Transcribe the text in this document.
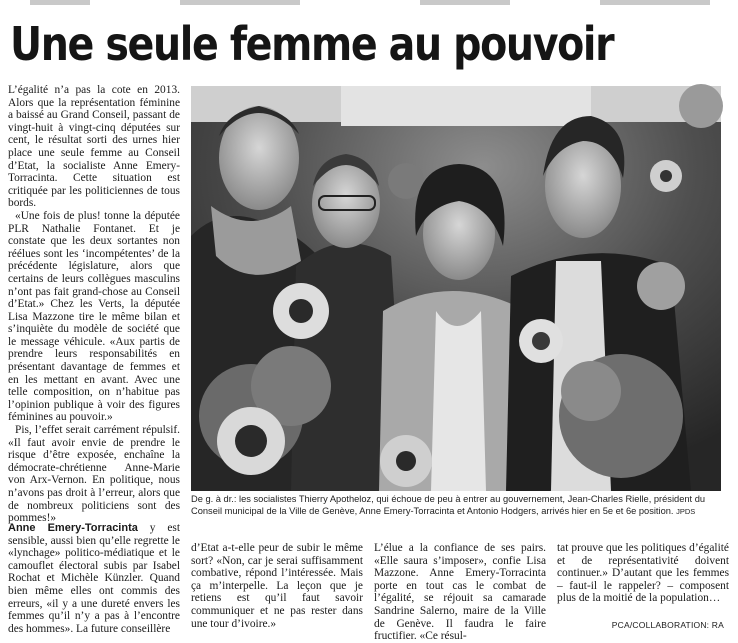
Une seule femme au pouvoir

L’égalité n’a pas la cote en 2013. Alors que la représentation féminine a baissé au Grand Conseil, passant de vingt-huit à vingt-cinq députées sur cent, le résultat sorti des urnes hier place une seule femme au Conseil d’Etat, la socialiste Anne Emery-Torracinta. Cette situation est critiquée par les politiciennes de tous bords.

«Une fois de plus! tonne la députée PLR Nathalie Fontanet. Et je constate que les deux sortantes non réélues sont les ‘incompétentes’ de la précédente législature, alors que certains de leurs collègues masculins n’ont pas fait grand-chose au Conseil d’Etat.» Chez les Verts, la députée Lisa Mazzone tire le même bilan et s’inquiète du modèle de société que le message véhicule. «Aux partis de prendre leurs responsabilités en présentant davantage de femmes et en les mettant en avant. Avec une telle composition, on n’habitue pas l’opinion publique à voir des figures féminines au pouvoir.»

Pis, l’effet serait carrément répulsif. «Il faut avoir envie de prendre le risque d’être exposée, enchaîne la démocrate-chrétienne Anne-Marie von Arx-Vernon. En politique, nous n’avons pas droit à l’erreur, alors que de nombreux politiciens sont des pommes!»

Anne Emery-Torracinta y est sensible, aussi bien qu’elle regrette le «lynchage» politico-médiatique et le camouflet électoral subis par Isabel Rochat et Michèle Künzler. Quand bien même elles ont commis des erreurs, «il y a une dureté envers les femmes qu’il n’y a pas à l’encontre des hommes». La future conseillère

De g. à dr.: les socialistes Thierry Apotheloz, qui échoue de peu à entrer au gouvernement, Jean-Charles Rielle, président du Conseil municipal de la Ville de Genève, Anne Emery-Torracinta et Antonio Hodgers, arrivés hier en 5e et 6e position. JPDS

d’Etat a-t-elle peur de subir le même sort? «Non, car je serai suffisamment combative, répond l’intéressée. Mais ça m’interpelle. La leçon que je retiens est qu’il faut savoir communiquer et ne pas rester dans une tour d’ivoire.»

L’élue a la confiance de ses pairs. «Elle saura s’imposer», confie Lisa Mazzone. Anne Emery-Torracinta porte en tout cas le combat de l’égalité, se réjouit sa camarade Sandrine Salerno, maire de la Ville de Genève. Il faudra le faire fructifier. «Ce résul-

tat prouve que les politiques d’égalité et de représentativité doivent continuer.» D’autant que les femmes – faut-il le rappeler? – composent plus de la moitié de la population…

PCA/COLLABORATION: RA
